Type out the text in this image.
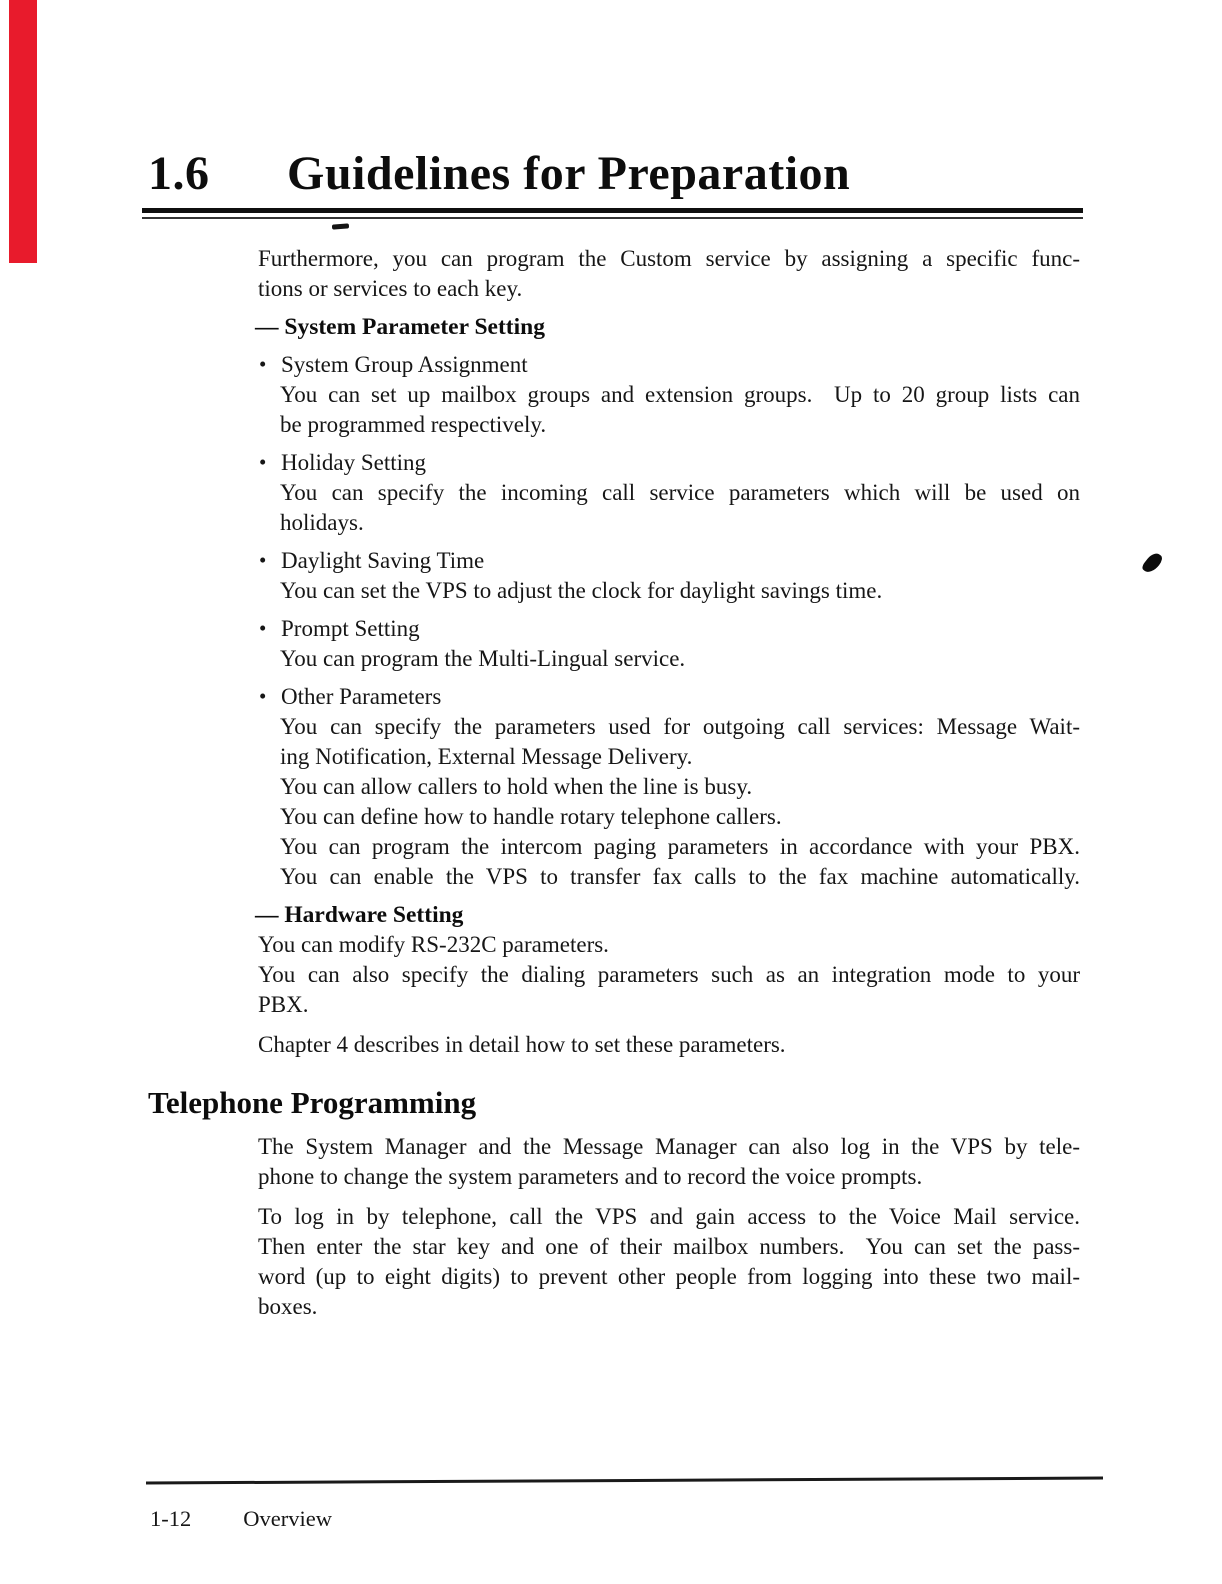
1.6 Guidelines for Preparation
Furthermore, you can program the Custom service by assigning a specific func-
tions or services to each key.
— System Parameter Setting
• System Group Assignment
You can set up mailbox groups and extension groups.  Up to 20 group lists can
be programmed respectively.
• Holiday Setting
You can specify the incoming call service parameters which will be used on
holidays.
• Daylight Saving Time
You can set the VPS to adjust the clock for daylight savings time.
• Prompt Setting
You can program the Multi-Lingual service.
• Other Parameters
You can specify the parameters used for outgoing call services: Message Wait-
ing Notification, External Message Delivery.
You can allow callers to hold when the line is busy.
You can define how to handle rotary telephone callers.
You can program the intercom paging parameters in accordance with your PBX.
You can enable the VPS to transfer fax calls to the fax machine automatically.
— Hardware Setting
You can modify RS-232C parameters.
You can also specify the dialing parameters such as an integration mode to your
PBX.
Chapter 4 describes in detail how to set these parameters.
Telephone Programming
The System Manager and the Message Manager can also log in the VPS by tele-
phone to change the system parameters and to record the voice prompts.
To log in by telephone, call the VPS and gain access to the Voice Mail service.
Then enter the star key and one of their mailbox numbers.  You can set the pass-
word (up to eight digits) to prevent other people from logging into these two mail-
boxes.
1-12 Overview
